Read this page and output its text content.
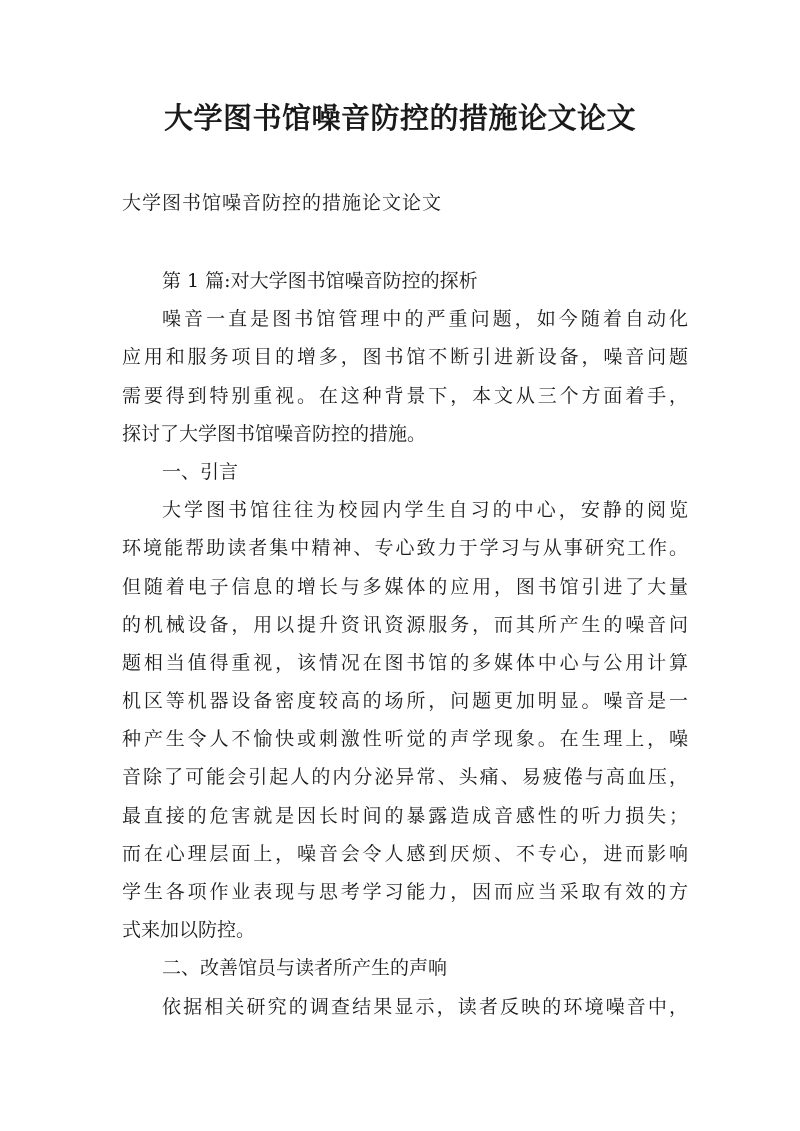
大学图书馆噪音防控的措施论文论文

大学图书馆噪音防控的措施论文论文

第 1 篇:对大学图书馆噪音防控的探析
噪音一直是图书馆管理中的严重问题，如今随着自动化
应用和服务项目的增多，图书馆不断引进新设备，噪音问题
需要得到特别重视。在这种背景下，本文从三个方面着手，
探讨了大学图书馆噪音防控的措施。
一、引言
大学图书馆往往为校园内学生自习的中心，安静的阅览
环境能帮助读者集中精神、专心致力于学习与从事研究工作。
但随着电子信息的增长与多媒体的应用，图书馆引进了大量
的机械设备，用以提升资讯资源服务，而其所产生的噪音问
题相当值得重视，该情况在图书馆的多媒体中心与公用计算
机区等机器设备密度较高的场所，问题更加明显。噪音是一
种产生令人不愉快或刺激性听觉的声学现象。在生理上，噪
音除了可能会引起人的内分泌异常、头痛、易疲倦与高血压，
最直接的危害就是因长时间的暴露造成音感性的听力损失；
而在心理层面上，噪音会令人感到厌烦、不专心，进而影响
学生各项作业表现与思考学习能力，因而应当采取有效的方
式来加以防控。
二、改善馆员与读者所产生的声响
依据相关研究的调查结果显示，读者反映的环境噪音中，
